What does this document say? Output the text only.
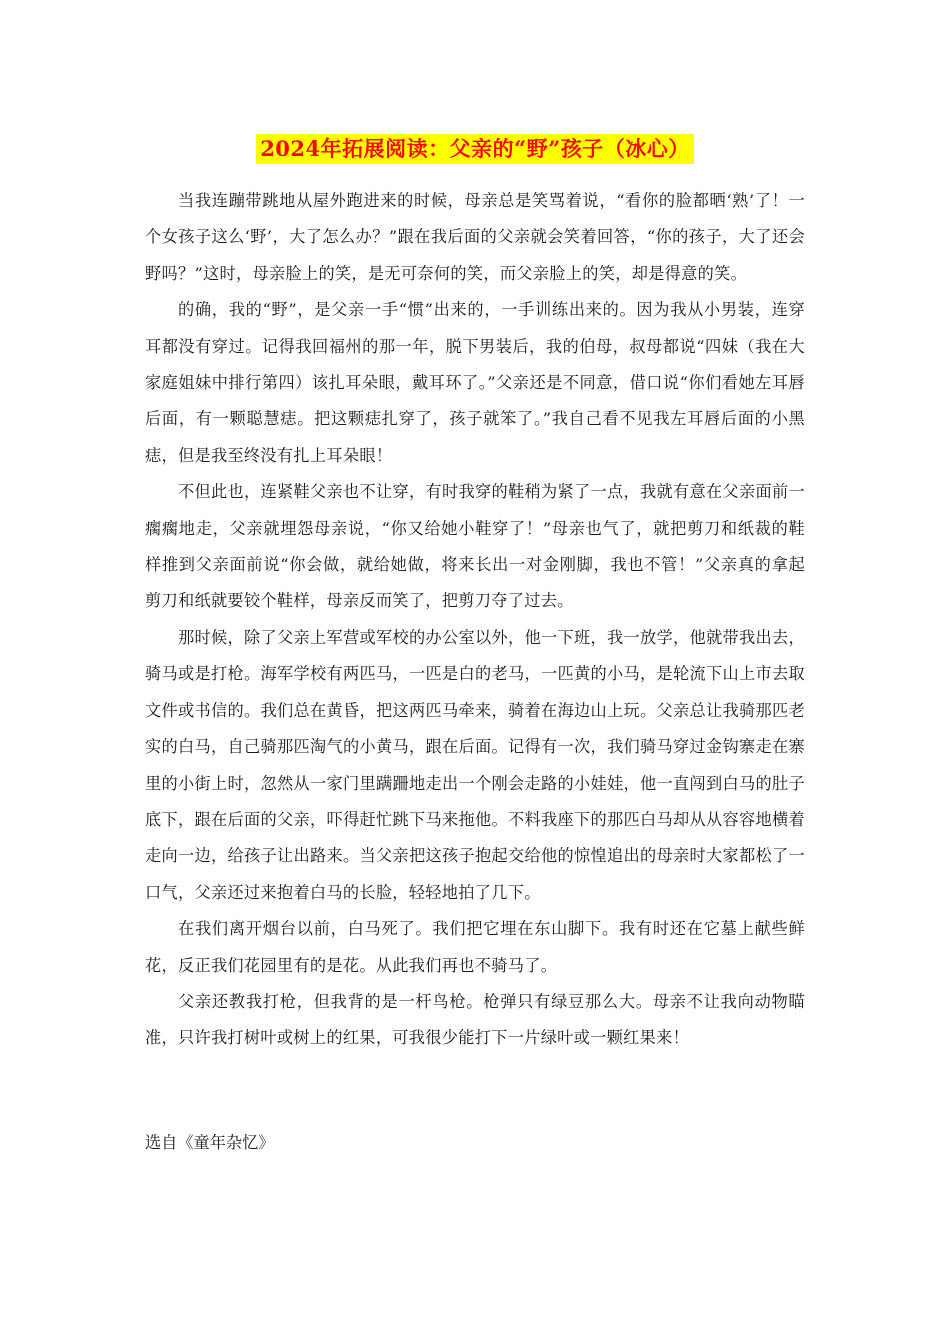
2024年拓展阅读：父亲的“野”孩子（冰心）

当我连蹦带跳地从屋外跑进来的时候，母亲总是笑骂着说，“看你的脸都晒‘熟’了！一个女孩子这么‘野’，大了怎么办？”跟在我后面的父亲就会笑着回答，“你的孩子，大了还会野吗？”这时，母亲脸上的笑，是无可奈何的笑，而父亲脸上的笑，却是得意的笑。

的确，我的“野”，是父亲一手“惯”出来的，一手训练出来的。因为我从小男装，连穿耳都没有穿过。记得我回福州的那一年，脱下男装后，我的伯母，叔母都说“四妹（我在大家庭姐妹中排行第四）该扎耳朵眼，戴耳环了。”父亲还是不同意，借口说“你们看她左耳唇后面，有一颗聪慧痣。把这颗痣扎穿了，孩子就笨了。”我自己看不见我左耳唇后面的小黑痣，但是我至终没有扎上耳朵眼！

不但此也，连紧鞋父亲也不让穿，有时我穿的鞋稍为紧了一点，我就有意在父亲面前一瘸瘸地走，父亲就埋怨母亲说，“你又给她小鞋穿了！”母亲也气了，就把剪刀和纸裁的鞋样推到父亲面前说“你会做，就给她做，将来长出一对金刚脚，我也不管！”父亲真的拿起剪刀和纸就要铰个鞋样，母亲反而笑了，把剪刀夺了过去。

那时候，除了父亲上军营或军校的办公室以外，他一下班，我一放学，他就带我出去，骑马或是打枪。海军学校有两匹马，一匹是白的老马，一匹黄的小马，是轮流下山上市去取文件或书信的。我们总在黄昏，把这两匹马牵来，骑着在海边山上玩。父亲总让我骑那匹老实的白马，自己骑那匹淘气的小黄马，跟在后面。记得有一次，我们骑马穿过金钩寨走在寨里的小街上时，忽然从一家门里蹒跚地走出一个刚会走路的小娃娃，他一直闯到白马的肚子底下，跟在后面的父亲，吓得赶忙跳下马来拖他。不料我座下的那匹白马却从从容容地横着走向一边，给孩子让出路来。当父亲把这孩子抱起交给他的惊惶追出的母亲时大家都松了一口气，父亲还过来抱着白马的长脸，轻轻地拍了几下。

在我们离开烟台以前，白马死了。我们把它埋在东山脚下。我有时还在它墓上献些鲜花，反正我们花园里有的是花。从此我们再也不骑马了。

父亲还教我打枪，但我背的是一杆鸟枪。枪弹只有绿豆那么大。母亲不让我向动物瞄准，只许我打树叶或树上的红果，可我很少能打下一片绿叶或一颗红果来！

选自《童年杂忆》
